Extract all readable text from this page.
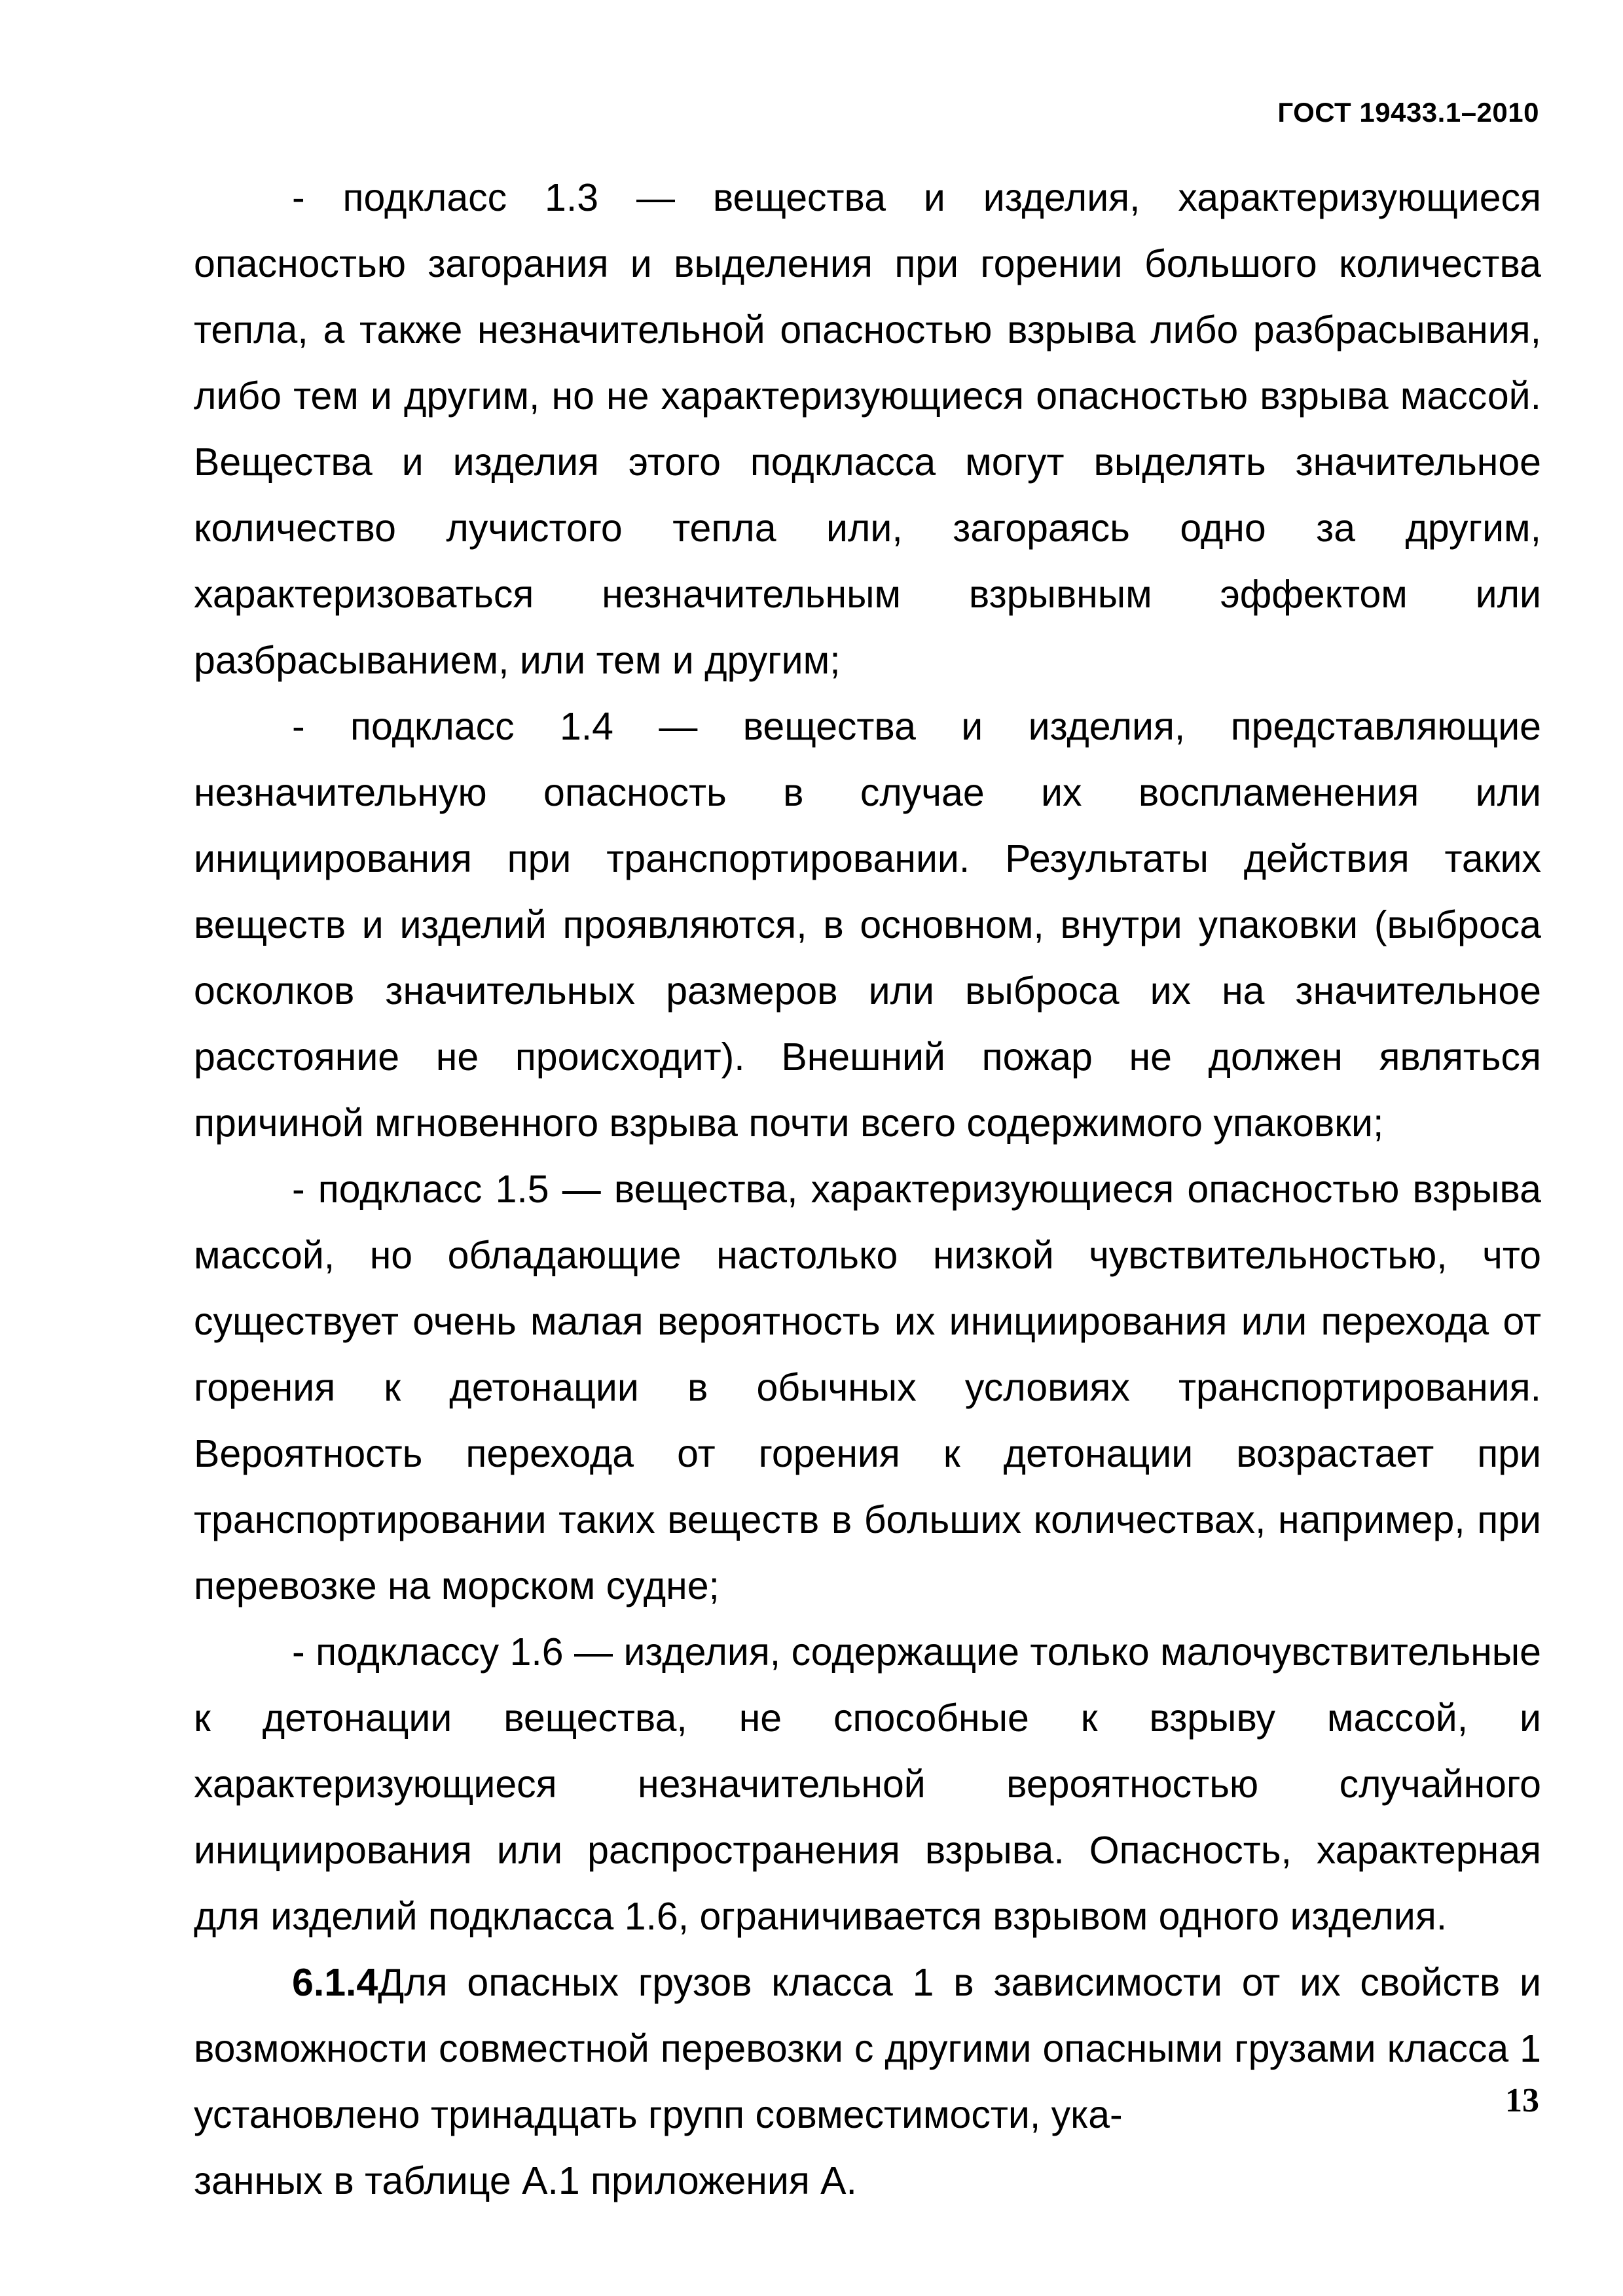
ГОСТ 19433.1–2010

- подкласс 1.3 — вещества и изделия, характеризующиеся опасностью загорания и выделения при горении большого количества тепла, а также незначительной опасностью взрыва либо разбрасывания, либо тем и другим, но не характеризующиеся опасностью взрыва массой. Вещества и изделия этого подкласса могут выделять значительное количество лучистого тепла или, загораясь одно за другим, характеризоваться незначительным взрывным эффектом или разбрасыванием, или тем и другим;

- подкласс 1.4 — вещества и изделия, представляющие незначительную опасность в случае их воспламенения или инициирования при транспортировании. Результаты действия таких веществ и изделий проявляются, в основном, внутри упаковки (выброса осколков значительных размеров или выброса их на значительное расстояние не происходит). Внешний пожар не должен являться причиной мгновенного взрыва почти всего содержимого упаковки;

- подкласс 1.5 — вещества, характеризующиеся опасностью взрыва массой, но обладающие настолько низкой чувствительностью, что существует очень малая вероятность их инициирования или перехода от горения к детонации в обычных условиях транспортирования. Вероятность перехода от горения к детонации возрастает при транспортировании таких веществ в больших количествах, например, при перевозке на морском судне;

- подклассу 1.6 — изделия, содержащие только малочувствительные к детонации вещества, не способные к взрыву массой, и характеризующиеся незначительной вероятностью случайного инициирования или распространения взрыва. Опасность, характерная для изделий подкласса 1.6, ограничивается взрывом одного изделия.

6.1.4Для опасных грузов класса 1 в зависимости от их свойств и возможности совместной перевозки с другими опасными грузами класса 1 установлено тринадцать групп совместимости, ука-

занных в таблице А.1 приложения А.

13
